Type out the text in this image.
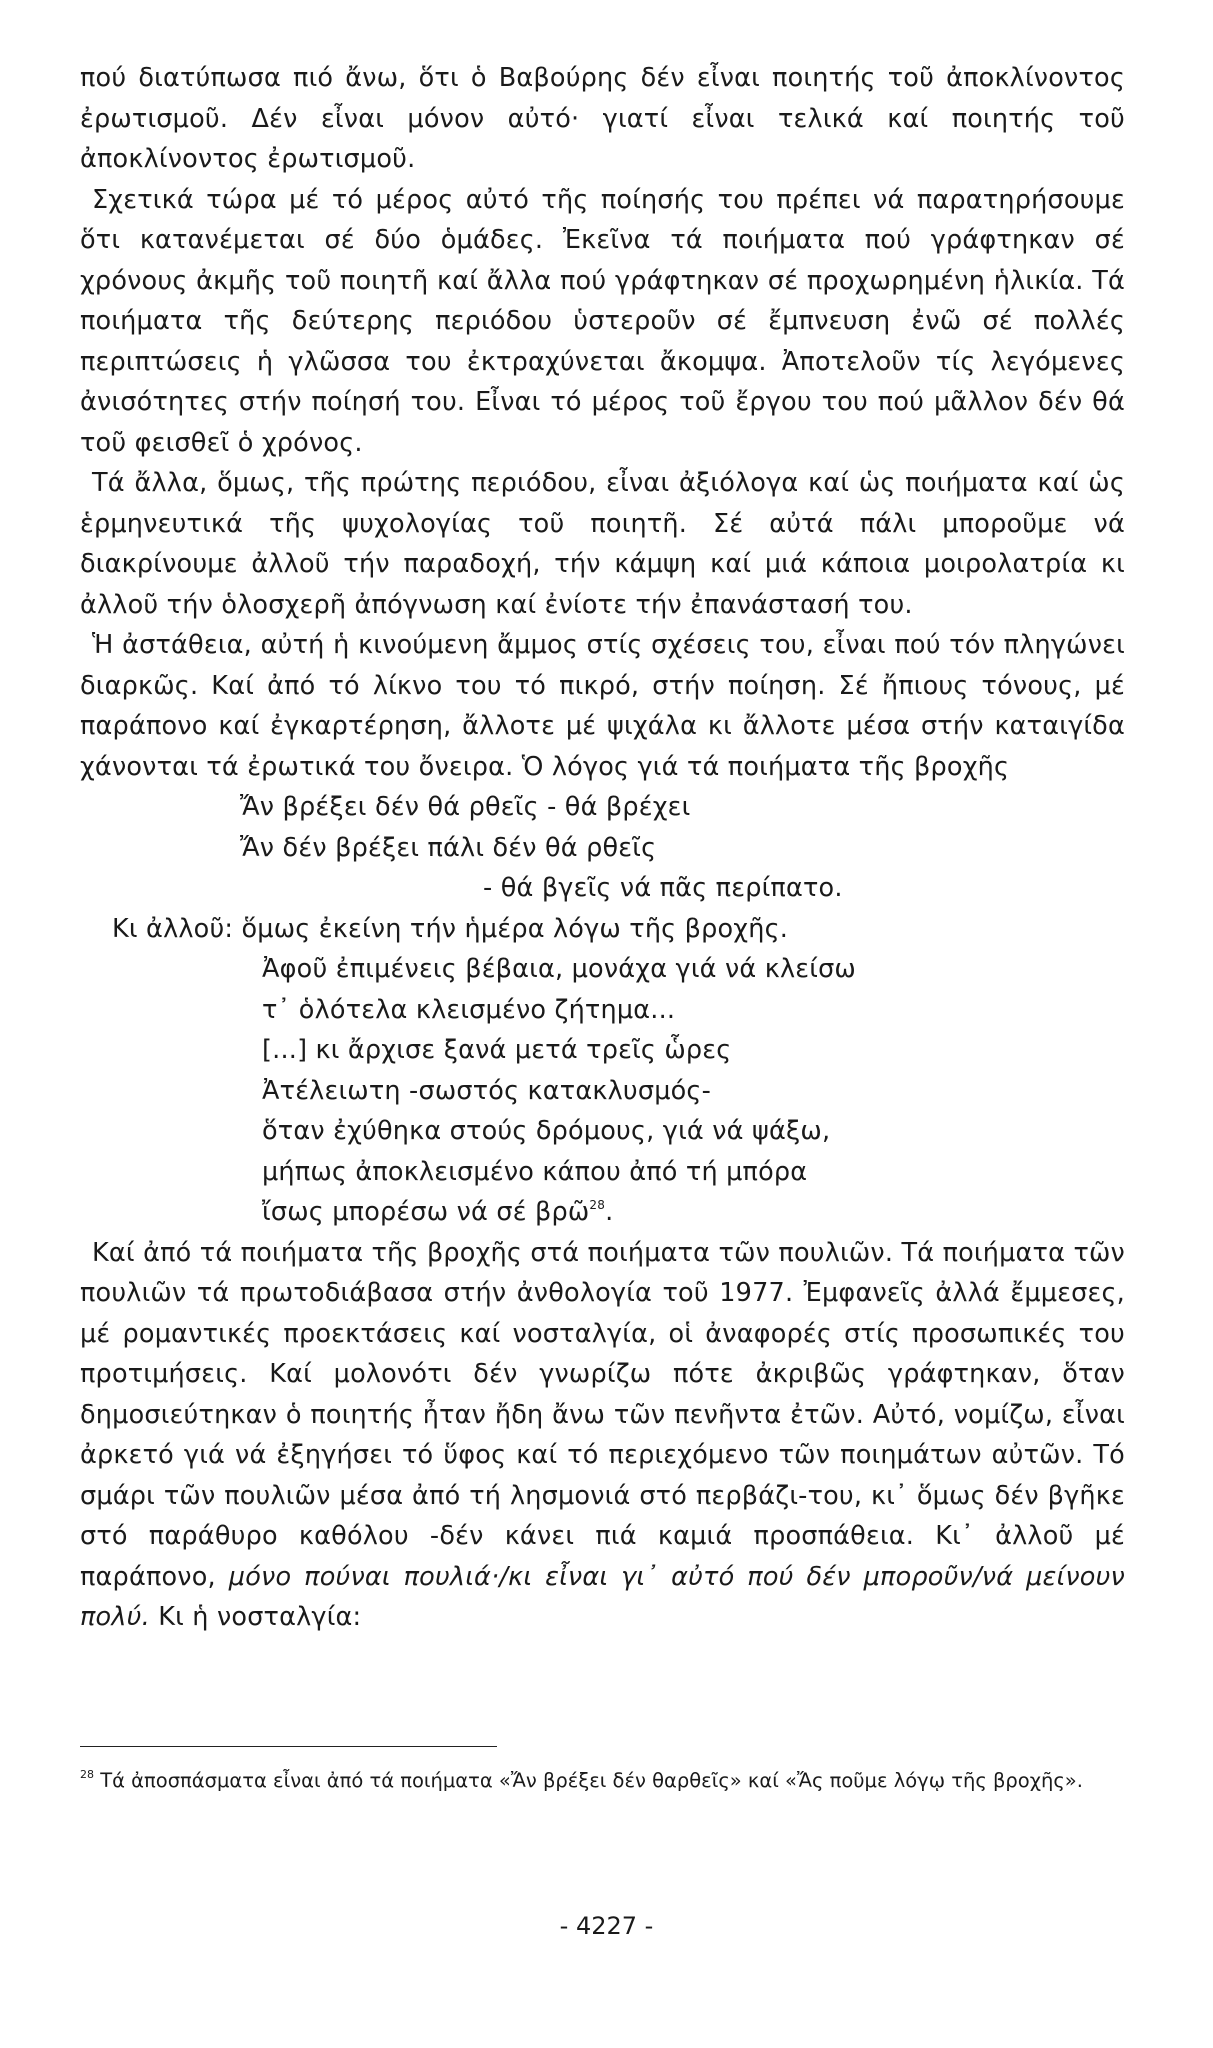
πού διατύπωσα πιό ἄνω, ὅτι ὁ Βαβούρης δέν εἶναι ποιητής τοῦ ἀποκλίνοντος ἐρωτισμοῦ. Δέν εἶναι μόνον αὐτό· γιατί εἶναι τελικά καί ποιητής τοῦ ἀποκλίνοντος ἐρωτισμοῦ.

Σχετικά τώρα μέ τό μέρος αὐτό τῆς ποίησής του πρέπει νά παρατηρήσουμε ὅτι κατανέμεται σέ δύο ὁμάδες. Ἐκεῖνα τά ποιήματα πού γράφτηκαν σέ χρόνους ἀκμῆς τοῦ ποιητῆ καί ἄλλα πού γράφτηκαν σέ προχωρημένη ἡλικία. Τά ποιήματα τῆς δεύτερης περιόδου ὑστεροῦν σέ ἔμπνευση ἐνῶ σέ πολλές περιπτώσεις ἡ γλῶσσα του ἐκτραχύνεται ἄκομψα. Ἀποτελοῦν τίς λεγόμενες ἀνισότητες στήν ποίησή του. Εἶναι τό μέρος τοῦ ἔργου του πού μᾶλλον δέν θά τοῦ φεισθεῖ ὁ χρόνος.

Τά ἄλλα, ὅμως, τῆς πρώτης περιόδου, εἶναι ἀξιόλογα καί ὡς ποιήματα καί ὡς ἑρμηνευτικά τῆς ψυχολογίας τοῦ ποιητῆ. Σέ αὐτά πάλι μποροῦμε νά διακρίνουμε ἀλλοῦ τήν παραδοχή, τήν κάμψη καί μιά κάποια μοιρολατρία κι ἀλλοῦ τήν ὁλοσχερῆ ἀπόγνωση καί ἐνίοτε τήν ἐπανάστασή του.

Ἡ ἀστάθεια, αὐτή ἡ κινούμενη ἄμμος στίς σχέσεις του, εἶναι πού τόν πληγώνει διαρκῶς. Καί ἀπό τό λίκνο του τό πικρό, στήν ποίηση. Σέ ἤπιους τόνους, μέ παράπονο καί ἐγκαρτέρηση, ἄλλοτε μέ ψιχάλα κι ἄλλοτε μέσα στήν καταιγίδα χάνονται τά ἐρωτικά του ὄνειρα. Ὁ λόγος γιά τά ποιήματα τῆς βροχῆς

Ἄν βρέξει δέν θά ρθεῖς - θά βρέχει
Ἄν δέν βρέξει πάλι δέν θά ρθεῖς
- θά βγεῖς νά πᾶς περίπατο.
Κι ἀλλοῦ: ὅμως ἐκείνη τήν ἡμέρα λόγω τῆς βροχῆς.
Ἀφοῦ ἐπιμένεις βέβαια, μονάχα γιά νά κλείσω
τ᾽ ὁλότελα κλεισμένο ζήτημα...
[...] κι ἄρχισε ξανά μετά τρεῖς ὧρες
Ἀτέλειωτη -σωστός κατακλυσμός-
ὅταν ἐχύθηκα στούς δρόμους, γιά νά ψάξω,
μήπως ἀποκλεισμένο κάπου ἀπό τή μπόρα
ἴσως μπορέσω νά σέ βρῶ$^{28}$.

Καί ἀπό τά ποιήματα τῆς βροχῆς στά ποιήματα τῶν πουλιῶν. Τά ποιήματα τῶν πουλιῶν τά πρωτοδιάβασα στήν ἀνθολογία τοῦ 1977. Ἐμφανεῖς ἀλλά ἔμμεσες, μέ ρομαντικές προεκτάσεις καί νοσταλγία, οἱ ἀναφορές στίς προσωπικές του προτιμήσεις. Καί μολονότι δέν γνωρίζω πότε ἀκριβῶς γράφτηκαν, ὅταν δημοσιεύτηκαν ὁ ποιητής ἦταν ἤδη ἄνω τῶν πενῆντα ἐτῶν. Αὐτό, νομίζω, εἶναι ἀρκετό γιά νά ἐξηγήσει τό ὕφος καί τό περιεχόμενο τῶν ποιημάτων αὐτῶν. Τό σμάρι τῶν πουλιῶν μέσα ἀπό τή λησμονιά στό περβάζι-του, κι᾽ ὅμως δέν βγῆκε στό παράθυρο καθόλου -δέν κάνει πιά καμιά προσπάθεια. Κι᾽ ἀλλοῦ μέ παράπονο, μόνο πούναι πουλιά·/κι εἶναι γι᾽ αὐτό πού δέν μποροῦν/νά μείνουν πολύ. Κι ἡ νοσταλγία:

$^{28}$ Τά ἀποσπάσματα εἶναι ἀπό τά ποιήματα «Ἄν βρέξει δέν θαρθεῖς» καί «Ἄς ποῦμε λόγῳ τῆς βροχῆς».

- 4227 -
